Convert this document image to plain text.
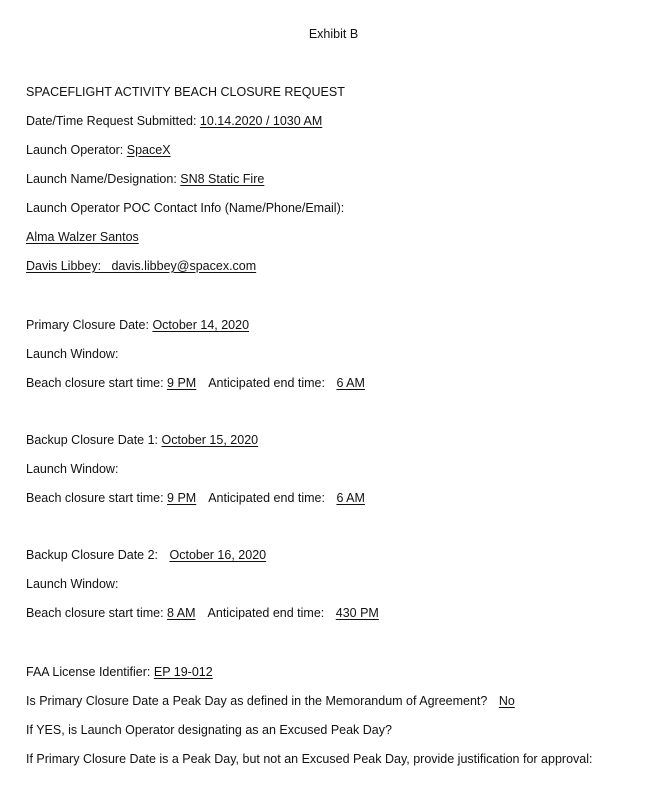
Exhibit B
SPACEFLIGHT ACTIVITY BEACH CLOSURE REQUEST
Date/Time Request Submitted: 10.14.2020 / 1030 AM
Launch Operator: SpaceX
Launch Name/Designation: SN8 Static Fire
Launch Operator POC Contact Info (Name/Phone/Email):
Alma Walzer Santos
Davis Libbey: davis.libbey@spacex.com
Primary Closure Date: October 14, 2020
Launch Window:
Beach closure start time: 9 PM Anticipated end time: 6 AM
Backup Closure Date 1: October 15, 2020
Launch Window:
Beach closure start time: 9 PM Anticipated end time: 6 AM
Backup Closure Date 2: October 16, 2020
Launch Window:
Beach closure start time: 8 AM Anticipated end time: 430 PM
FAA License Identifier: EP 19-012
Is Primary Closure Date a Peak Day as defined in the Memorandum of Agreement? No
If YES, is Launch Operator designating as an Excused Peak Day?
If Primary Closure Date is a Peak Day, but not an Excused Peak Day, provide justification for approval:
